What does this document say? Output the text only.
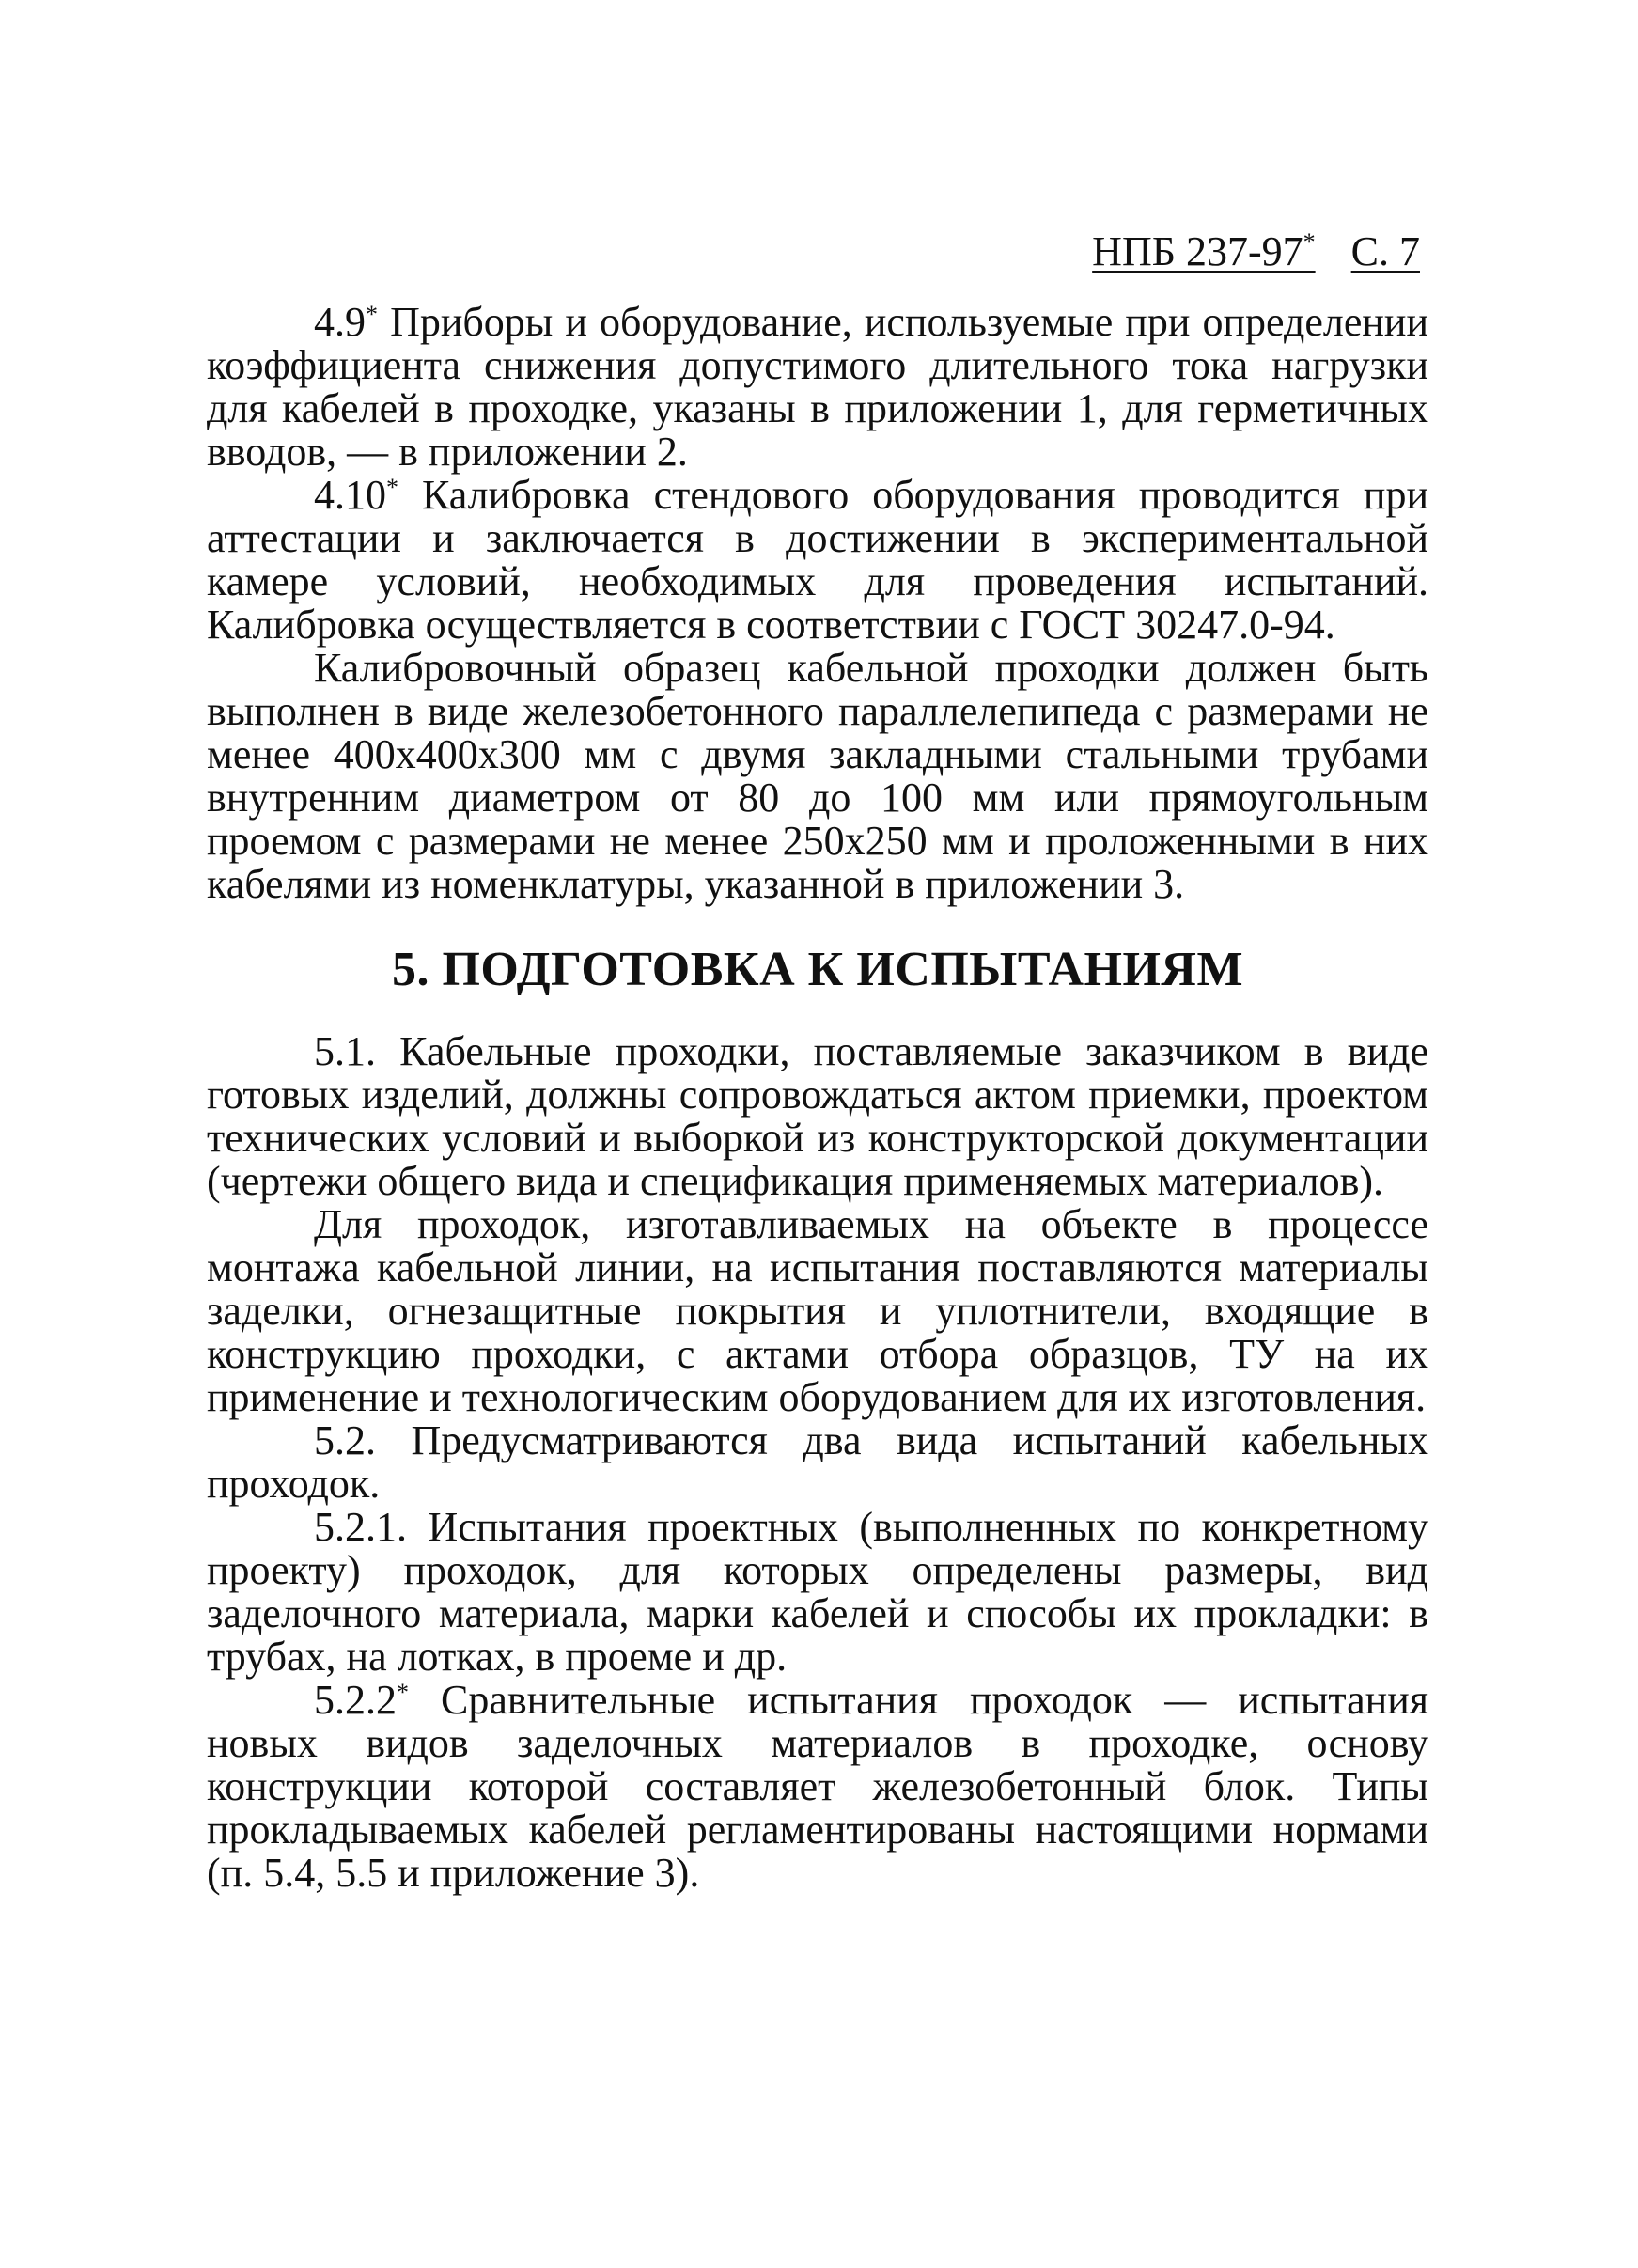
НПБ 237-97* С. 7

4.9* Приборы и оборудование, используемые при определении коэффициента снижения допустимого длительного тока нагрузки для кабелей в проходке, указаны в приложении 1, для герметичных вводов, — в приложении 2.

4.10* Калибровка стендового оборудования проводится при аттестации и заключается в достижении в экспериментальной камере условий, необходимых для проведения испытаний. Калибровка осуществляется в соответствии с ГОСТ 30247.0-94.

Калибровочный образец кабельной проходки должен быть выполнен в виде железобетонного параллелепипеда с размерами не менее 400х400х300 мм с двумя закладными стальными трубами внутренним диаметром от 80 до 100 мм или прямоугольным проемом с размерами не менее 250х250 мм и проложенными в них кабелями из номенклатуры, указанной в приложении 3.

5. ПОДГОТОВКА К ИСПЫТАНИЯМ

5.1. Кабельные проходки, поставляемые заказчиком в виде готовых изделий, должны сопровождаться актом приемки, проектом технических условий и выборкой из конструкторской документации (чертежи общего вида и спецификация применяемых материалов).

Для проходок, изготавливаемых на объекте в процессе монтажа кабельной линии, на испытания поставляются материалы заделки, огнезащитные покрытия и уплотнители, входящие в конструкцию проходки, с актами отбора образцов, ТУ на их применение и технологическим оборудованием для их изготовления.

5.2. Предусматриваются два вида испытаний кабельных проходок.

5.2.1. Испытания проектных (выполненных по конкретному проекту) проходок, для которых определены размеры, вид заделочного материала, марки кабелей и способы их прокладки: в трубах, на лотках, в проеме и др.

5.2.2* Сравнительные испытания проходок — испытания новых видов заделочных материалов в проходке, основу конструкции которой составляет железобетонный блок. Типы прокладываемых кабелей регламентированы настоящими нормами (п. 5.4, 5.5 и приложение 3).
